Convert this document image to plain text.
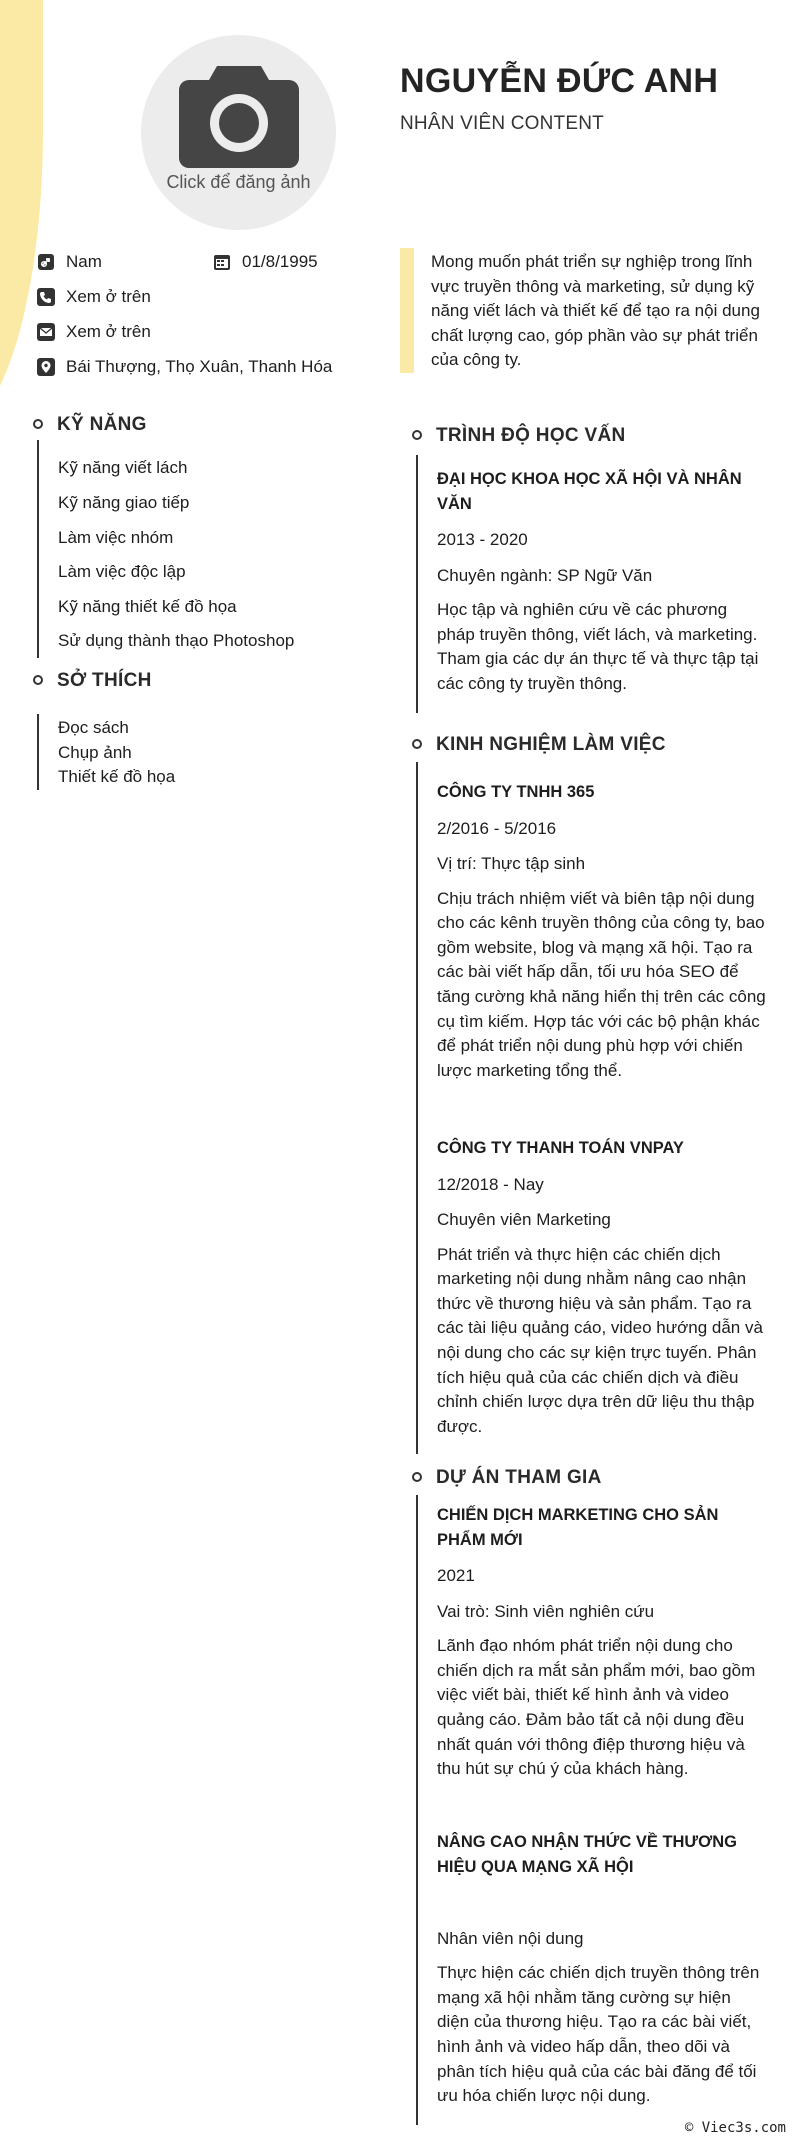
Click để đăng ảnh
NGUYỄN ĐỨC ANH
NHÂN VIÊN CONTENT
Nam	01/8/1995
Xem ở trên
Xem ở trên
Bái Thượng, Thọ Xuân, Thanh Hóa
Mong muốn phát triển sự nghiệp trong lĩnh vực truyền thông và marketing, sử dụng kỹ năng viết lách và thiết kế để tạo ra nội dung chất lượng cao, góp phần vào sự phát triển của công ty.
KỸ NĂNG
Kỹ năng viết lách
Kỹ năng giao tiếp
Làm việc nhóm
Làm việc độc lập
Kỹ năng thiết kế đồ họa
Sử dụng thành thạo Photoshop
SỞ THÍCH
Đọc sách
Chụp ảnh
Thiết kế đồ họa
TRÌNH ĐỘ HỌC VẤN
ĐẠI HỌC KHOA HỌC XÃ HỘI VÀ NHÂN VĂN
2013 - 2020
Chuyên ngành: SP Ngữ Văn
Học tập và nghiên cứu về các phương pháp truyền thông, viết lách, và marketing. Tham gia các dự án thực tế và thực tập tại các công ty truyền thông.
KINH NGHIỆM LÀM VIỆC
CÔNG TY TNHH 365
2/2016 - 5/2016
Vị trí: Thực tập sinh
Chịu trách nhiệm viết và biên tập nội dung cho các kênh truyền thông của công ty, bao gồm website, blog và mạng xã hội. Tạo ra các bài viết hấp dẫn, tối ưu hóa SEO để tăng cường khả năng hiển thị trên các công cụ tìm kiếm. Hợp tác với các bộ phận khác để phát triển nội dung phù hợp với chiến lược marketing tổng thể.
CÔNG TY THANH TOÁN VNPAY
12/2018 - Nay
Chuyên viên Marketing
Phát triển và thực hiện các chiến dịch marketing nội dung nhằm nâng cao nhận thức về thương hiệu và sản phẩm. Tạo ra các tài liệu quảng cáo, video hướng dẫn và nội dung cho các sự kiện trực tuyến. Phân tích hiệu quả của các chiến dịch và điều chỉnh chiến lược dựa trên dữ liệu thu thập được.
DỰ ÁN THAM GIA
CHIẾN DỊCH MARKETING CHO SẢN PHẨM MỚI
2021
Vai trò: Sinh viên nghiên cứu
Lãnh đạo nhóm phát triển nội dung cho chiến dịch ra mắt sản phẩm mới, bao gồm việc viết bài, thiết kế hình ảnh và video quảng cáo. Đảm bảo tất cả nội dung đều nhất quán với thông điệp thương hiệu và thu hút sự chú ý của khách hàng.
NÂNG CAO NHẬN THỨC VỀ THƯƠNG HIỆU QUA MẠNG XÃ HỘI
Nhân viên nội dung
Thực hiện các chiến dịch truyền thông trên mạng xã hội nhằm tăng cường sự hiện diện của thương hiệu. Tạo ra các bài viết, hình ảnh và video hấp dẫn, theo dõi và phân tích hiệu quả của các bài đăng để tối ưu hóa chiến lược nội dung.
© Viec3s.com
